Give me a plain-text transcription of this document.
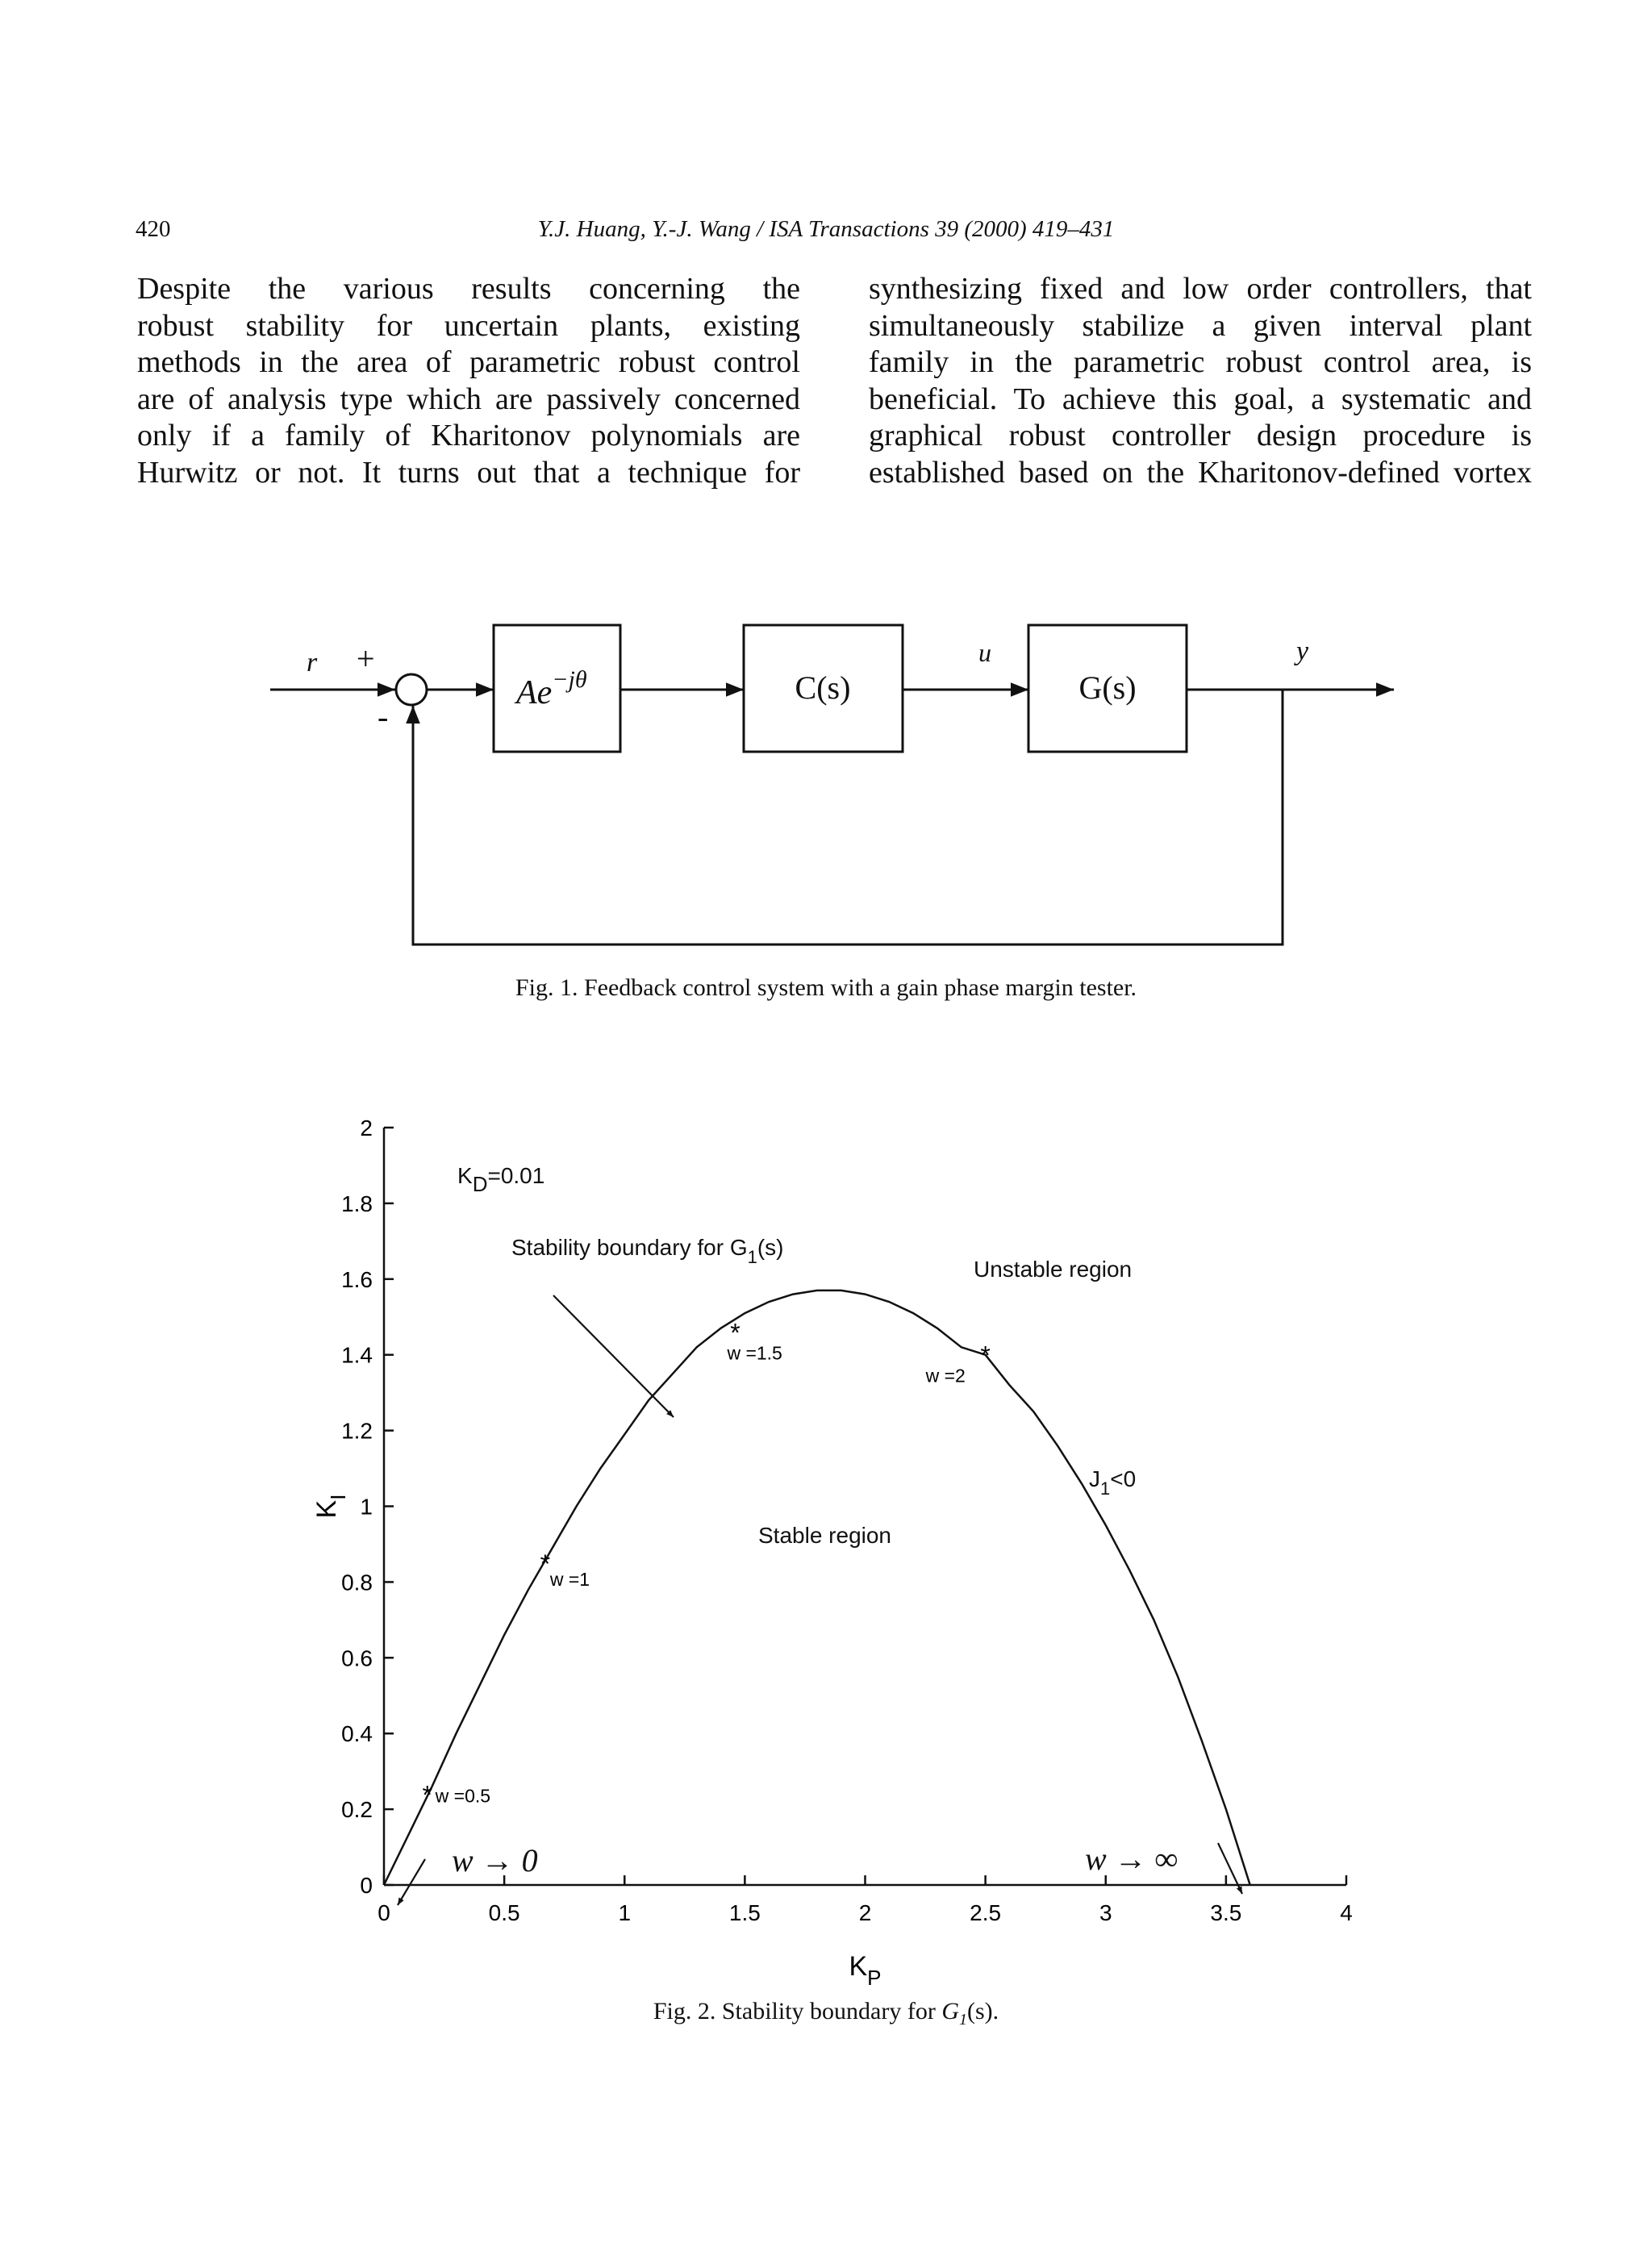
420	Y.J. Huang, Y.-J. Wang / ISA Transactions 39 (2000) 419–431
Despite the various results concerning the
robust stability for uncertain plants, existing
methods in the area of parametric robust control
are of analysis type which are passively concerned
only if a family of Kharitonov polynomials are
Hurwitz or not. It turns out that a technique for
synthesizing fixed and low order controllers, that
simultaneously stabilize a given interval plant
family in the parametric robust control area, is
beneficial. To achieve this goal, a systematic and
graphical robust controller design procedure is
established based on the Kharitonov-defined vortex
r +
-
$Ae^{-j\theta}$	C(s)	G(s)
u	y
Fig. 1. Feedback control system with a gain phase margin tester.
0	0.5	1	1.5	2	2.5	3	3.5	4
0
0.2
0.4
0.6
0.8
1
1.2
1.4
1.6
1.8
2
$K_P$
$K_I$
* w =0.5
*
w =1
*
w =1.5	*
w =2
KD=0.01
Stability boundary for $G_1(s)$
Unstable region
Stable region
$J_1<0$
w → 0	w → ∞
Fig. 2. Stability boundary for $G_1(s)$.
